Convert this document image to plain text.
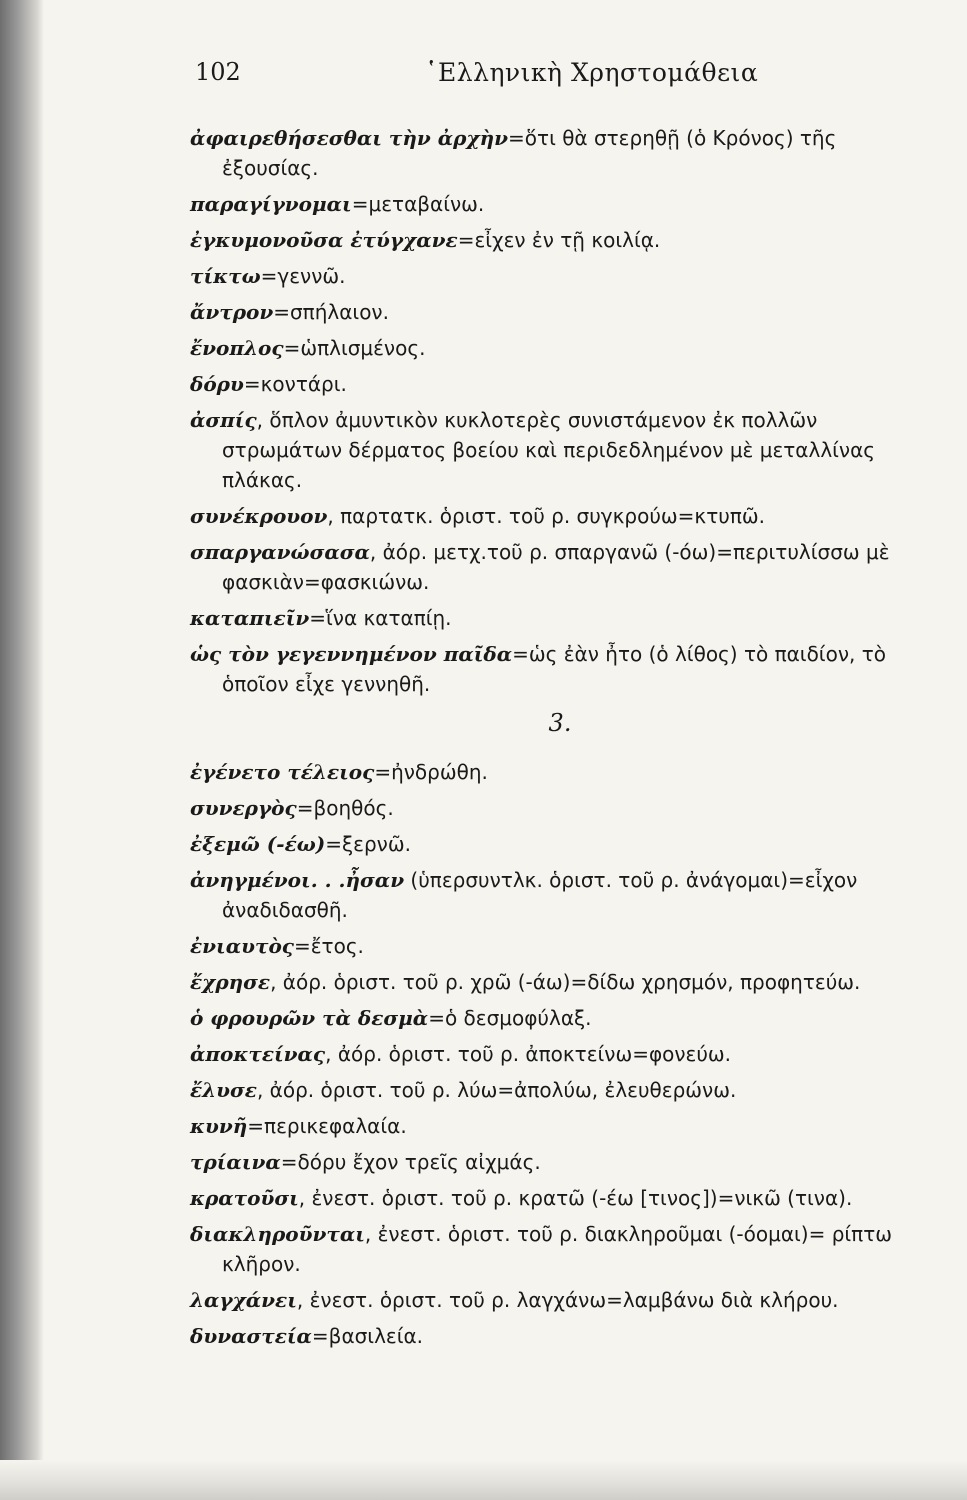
102	῾Ελληνικὴ Χρηστομάθεια

ἀφαιρεθήσεσθαι τὴν ἀρχὴν=ὅτι θὰ στερηθῇ (ὁ Κρόνος) τῆς ἐξουσίας.

παραγίγνομαι=μεταβαίνω.

ἐγκυμονοῦσα ἐτύγχανε=εἶχεν ἐν τῇ κοιλίᾳ.

τίκτω=γεννῶ.

ἄντρον=σπήλαιον.

ἔνοπλος=ὡπλισμένος.

δόρυ=κοντάρι.

ἀσπίς, ὅπλον ἀμυντικὸν κυκλοτερὲς συνιστάμενον ἐκ πολλῶν στρωμάτων δέρματος βοείου καὶ περιδεδλημένον μὲ μεταλλίνας πλάκας.

συνέκρουον, παρτατκ. ὁριστ. τοῦ ρ. συγκρούω=κτυπῶ.

σπαργανώσασα, ἀόρ. μετχ.τοῦ ρ. σπαργανῶ (-όω)=περιτυλίσσω μὲ φασκιὰν=φασκιώνω.

καταπιεῖν=ἵνα καταπίῃ.

ὡς τὸν γεγεννημένον παῖδα=ὡς ἐὰν ἦτο (ὁ λίθος) τὸ παιδίον, τὸ ὁποῖον εἶχε γεννηθῆ.

3.

ἐγένετο τέλειος=ἠνδρώθη.

συνεργὸς=βοηθός.

ἐξεμῶ (-έω)=ξερνῶ.

ἀνηγμένοι. . .ἦσαν (ὑπερσυντλκ. ὁριστ. τοῦ ρ. ἀνάγομαι)=εἶχον ἀναδιδασθῆ.

ἐνιαυτὸς=ἔτος.

ἔχρησε, ἀόρ. ὁριστ. τοῦ ρ. χρῶ (-άω)=δίδω χρησμόν, προφητεύω.

ὁ φρουρῶν τὰ δεσμὰ=ὁ δεσμοφύλαξ.

ἀποκτείνας, ἀόρ. ὁριστ. τοῦ ρ. ἀποκτείνω=φονεύω.

ἔλυσε, ἀόρ. ὁριστ. τοῦ ρ. λύω=ἀπολύω, ἐλευθερώνω.

κυνῆ=περικεφαλαία.

τρίαινα=δόρυ ἔχον τρεῖς αἰχμάς.

κρατοῦσι, ἐνεστ. ὁριστ. τοῦ ρ. κρατῶ (-έω [τινος])=νικῶ (τινα).

διακληροῦνται, ἐνεστ. ὁριστ. τοῦ ρ. διακληροῦμαι (-όομαι)= ρίπτω κλῆρον.

λαγχάνει, ἐνεστ. ὁριστ. τοῦ ρ. λαγχάνω=λαμβάνω διὰ κλήρου.

δυναστεία=βασιλεία.
